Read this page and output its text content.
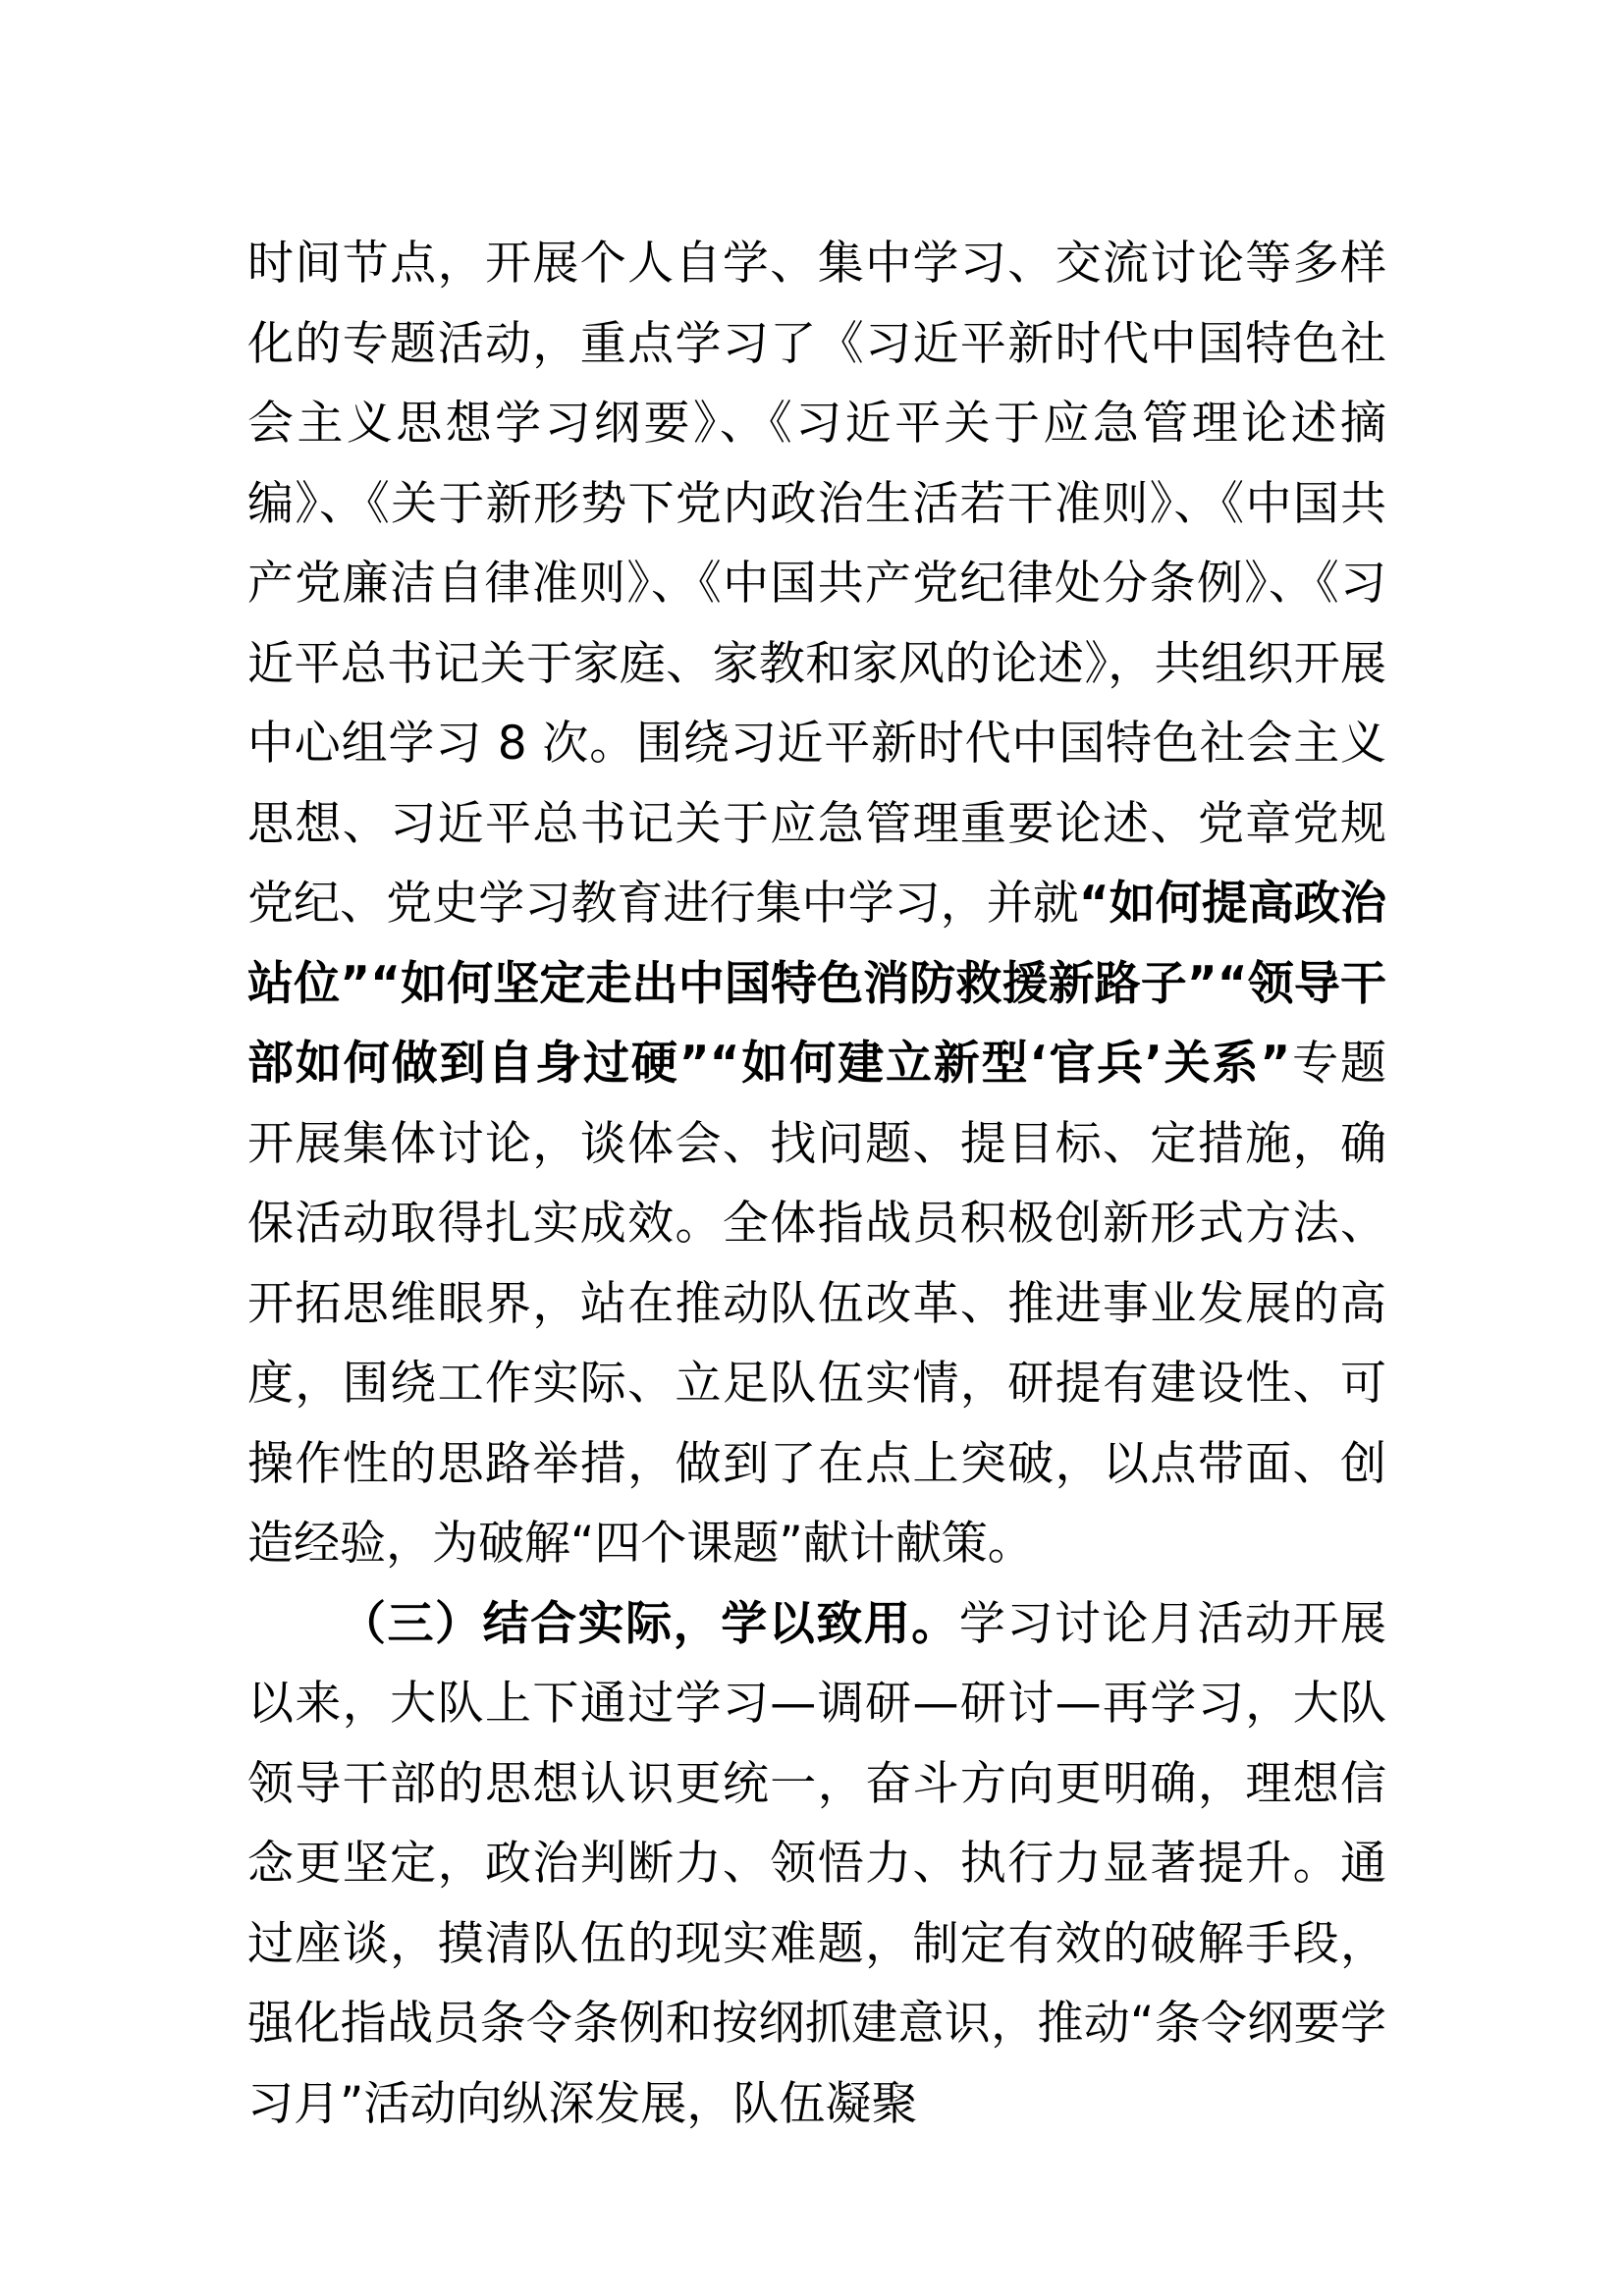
时间节点，开展个人自学、集中学习、交流讨论等多样化的专题活动，重点学习了《习近平新时代中国特色社会主义思想学习纲要》、《习近平关于应急管理论述摘编》、《关于新形势下党内政治生活若干准则》、《中国共产党廉洁自律准则》、《中国共产党纪律处分条例》、《习近平总书记关于家庭、家教和家风的论述》，共组织开展中心组学习 8 次。围绕习近平新时代中国特色社会主义思想、习近平总书记关于应急管理重要论述、党章党规党纪、党史学习教育进行集中学习，并就“如何提高政治站位”“如何坚定走出中国特色消防救援新路子”“领导干部如何做到自身过硬”“如何建立新型‘官兵’关系”专题开展集体讨论，谈体会、找问题、提目标、定措施，确保活动取得扎实成效。全体指战员积极创新形式方法、开拓思维眼界，站在推动队伍改革、推进事业发展的高度，围绕工作实际、立足队伍实情，研提有建设性、可操作性的思路举措，做到了在点上突破，以点带面、创造经验，为破解“四个课题”献计献策。

（三）结合实际，学以致用。学习讨论月活动开展以来，大队上下通过学习—调研—研讨—再学习，大队领导干部的思想认识更统一，奋斗方向更明确，理想信念更坚定，政治判断力、领悟力、执行力显著提升。通过座谈，摸清队伍的现实难题，制定有效的破解手段，强化指战员条令条例和按纲抓建意识，推动“条令纲要学习月”活动向纵深发展，队伍凝聚
